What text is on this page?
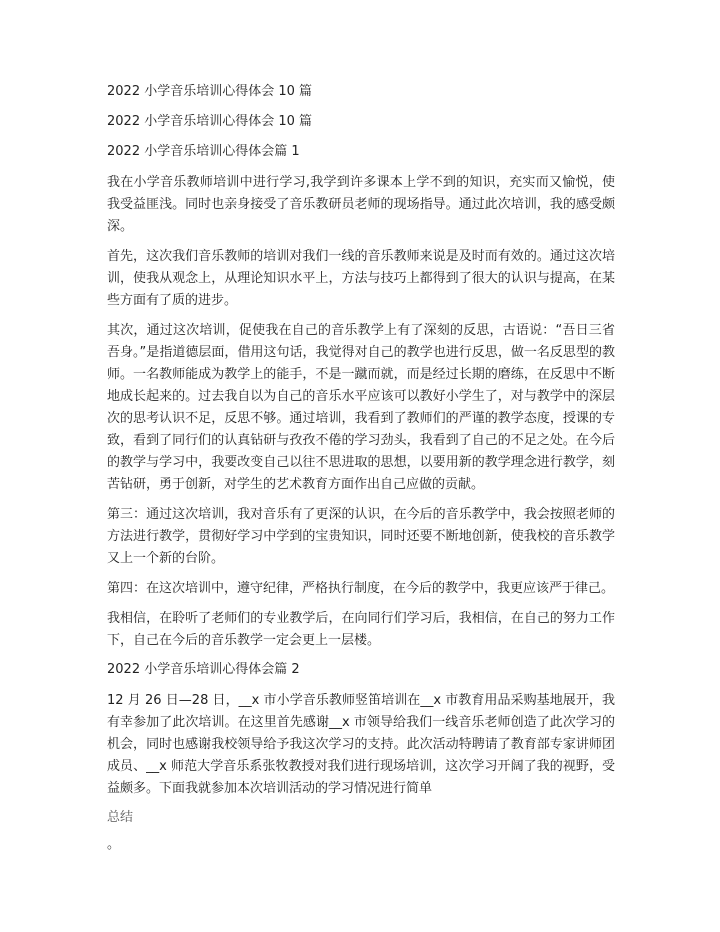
2022 小学音乐培训心得体会 10 篇
2022 小学音乐培训心得体会 10 篇
2022 小学音乐培训心得体会篇 1

我在小学音乐教师培训中进行学习,我学到许多课本上学不到的知识，充实而又愉悦，使我受益匪浅。同时也亲身接受了音乐教研员老师的现场指导。通过此次培训，我的感受颇深。

首先，这次我们音乐教师的培训对我们一线的音乐教师来说是及时而有效的。通过这次培训，使我从观念上，从理论知识水平上，方法与技巧上都得到了很大的认识与提高，在某些方面有了质的进步。

其次，通过这次培训，促使我在自己的音乐教学上有了深刻的反思，古语说：“吾日三省吾身。”是指道德层面，借用这句话，我觉得对自己的教学也进行反思，做一名反思型的教师。一名教师能成为教学上的能手，不是一蹴而就，而是经过长期的磨练，在反思中不断地成长起来的。过去我自以为自己的音乐水平应该可以教好小学生了，对与教学中的深层次的思考认识不足，反思不够。通过培训，我看到了教师们的严谨的教学态度，授课的专致，看到了同行们的认真钻研与孜孜不倦的学习劲头，我看到了自己的不足之处。在今后的教学与学习中，我要改变自己以往不思进取的思想，以要用新的教学理念进行教学，刻苦钻研，勇于创新，对学生的艺术教育方面作出自己应做的贡献。

第三：通过这次培训，我对音乐有了更深的认识，在今后的音乐教学中，我会按照老师的方法进行教学，贯彻好学习中学到的宝贵知识，同时还要不断地创新，使我校的音乐教学又上一个新的台阶。

第四：在这次培训中，遵守纪律，严格执行制度，在今后的教学中，我更应该严于律己。

我相信，在聆听了老师们的专业教学后，在向同行们学习后，我相信，在自己的努力工作下，自己在今后的音乐教学一定会更上一层楼。

2022 小学音乐培训心得体会篇 2

12 月 26 日—28 日，__x 市小学音乐教师竖笛培训在__x 市教育用品采购基地展开，我有幸参加了此次培训。在这里首先感谢__x 市领导给我们一线音乐老师创造了此次学习的机会，同时也感谢我校领导给予我这次学习的支持。此次活动特聘请了教育部专家讲师团成员、__x 师范大学音乐系张牧教授对我们进行现场培训，这次学习开阔了我的视野，受益颇多。下面我就参加本次培训活动的学习情况进行简单

总结
。
